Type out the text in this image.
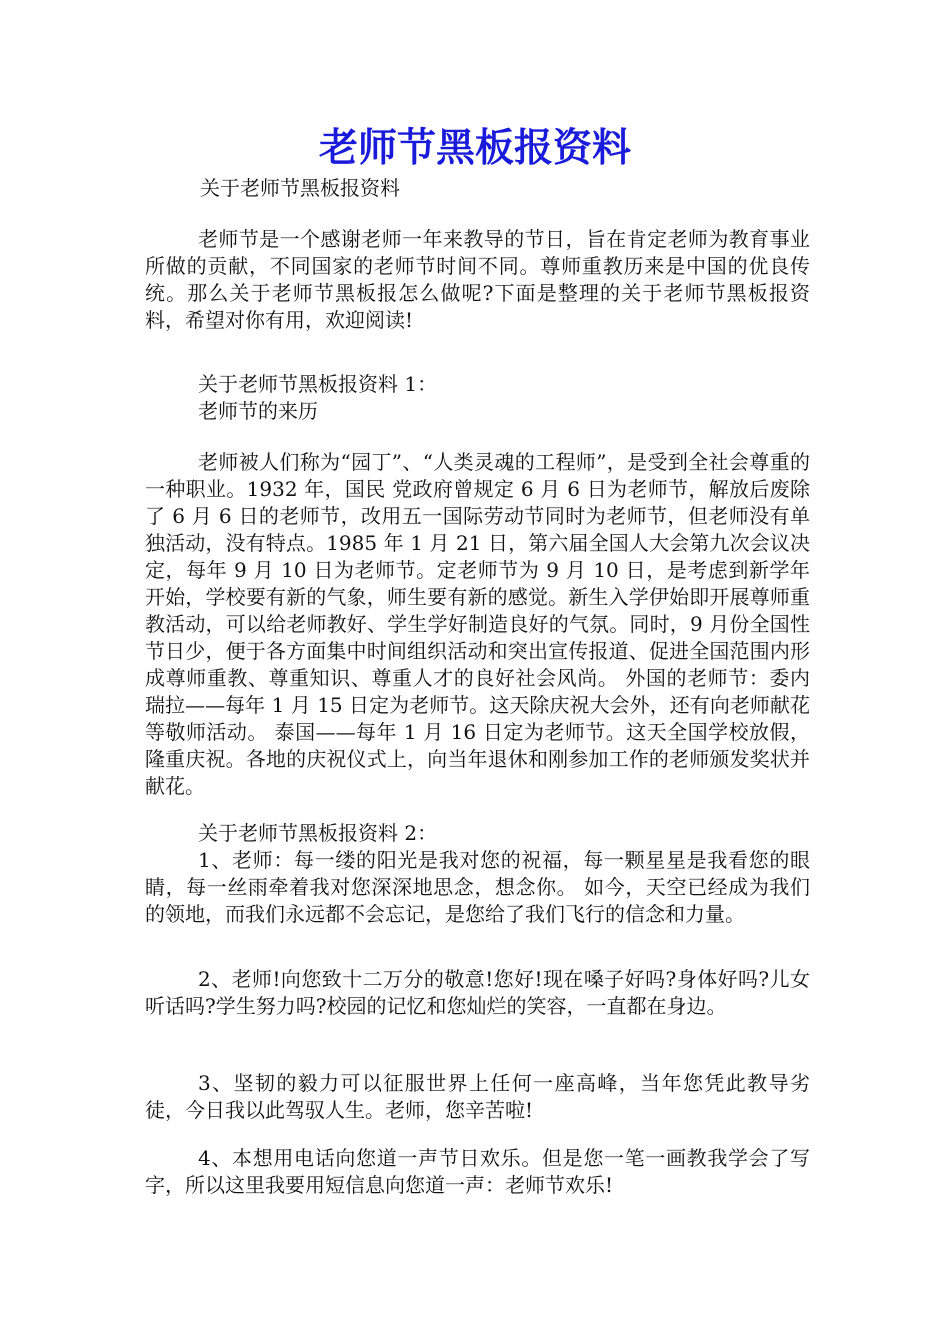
老师节黑板报资料

关于老师节黑板报资料

老师节是一个感谢老师一年来教导的节日，旨在肯定老师为教育事业所做的贡献，不同国家的老师节时间不同。尊师重教历来是中国的优良传统。那么关于老师节黑板报怎么做呢?下面是整理的关于老师节黑板报资料，希望对你有用，欢迎阅读!

关于老师节黑板报资料 1：

老师节的来历

老师被人们称为“园丁”、“人类灵魂的工程师”，是受到全社会尊重的一种职业。1932 年，国民 党政府曾规定 6 月 6 日为老师节，解放后废除了 6 月 6 日的老师节，改用五一国际劳动节同时为老师节，但老师没有单独活动，没有特点。1985 年 1 月 21 日，第六届全国人大会第九次会议决定，每年 9 月 10 日为老师节。定老师节为 9 月 10 日，是考虑到新学年开始，学校要有新的气象，师生要有新的感觉。新生入学伊始即开展尊师重教活动，可以给老师教好、学生学好制造良好的气氛。同时，9 月份全国性节日少，便于各方面集中时间组织活动和突出宣传报道、促进全国范围内形成尊师重教、尊重知识、尊重人才的良好社会风尚。 外国的老师节：委内瑞拉——每年 1 月 15 日定为老师节。这天除庆祝大会外，还有向老师献花等敬师活动。 泰国——每年 1 月 16 日定为老师节。这天全国学校放假，隆重庆祝。各地的庆祝仪式上，向当年退休和刚参加工作的老师颁发奖状并献花。

关于老师节黑板报资料 2：

1、老师：每一缕的阳光是我对您的祝福，每一颗星星是我看您的眼睛，每一丝雨牵着我对您深深地思念，想念你。 如今，天空已经成为我们的领地，而我们永远都不会忘记，是您给了我们飞行的信念和力量。

2、老师!向您致十二万分的敬意!您好!现在嗓子好吗?身体好吗?儿女听话吗?学生努力吗?校园的记忆和您灿烂的笑容，一直都在身边。

3、坚韧的毅力可以征服世界上任何一座高峰，当年您凭此教导劣徒，今日我以此驾驭人生。老师，您辛苦啦!

4、本想用电话向您道一声节日欢乐。但是您一笔一画教我学会了写字，所以这里我要用短信息向您道一声：老师节欢乐!
